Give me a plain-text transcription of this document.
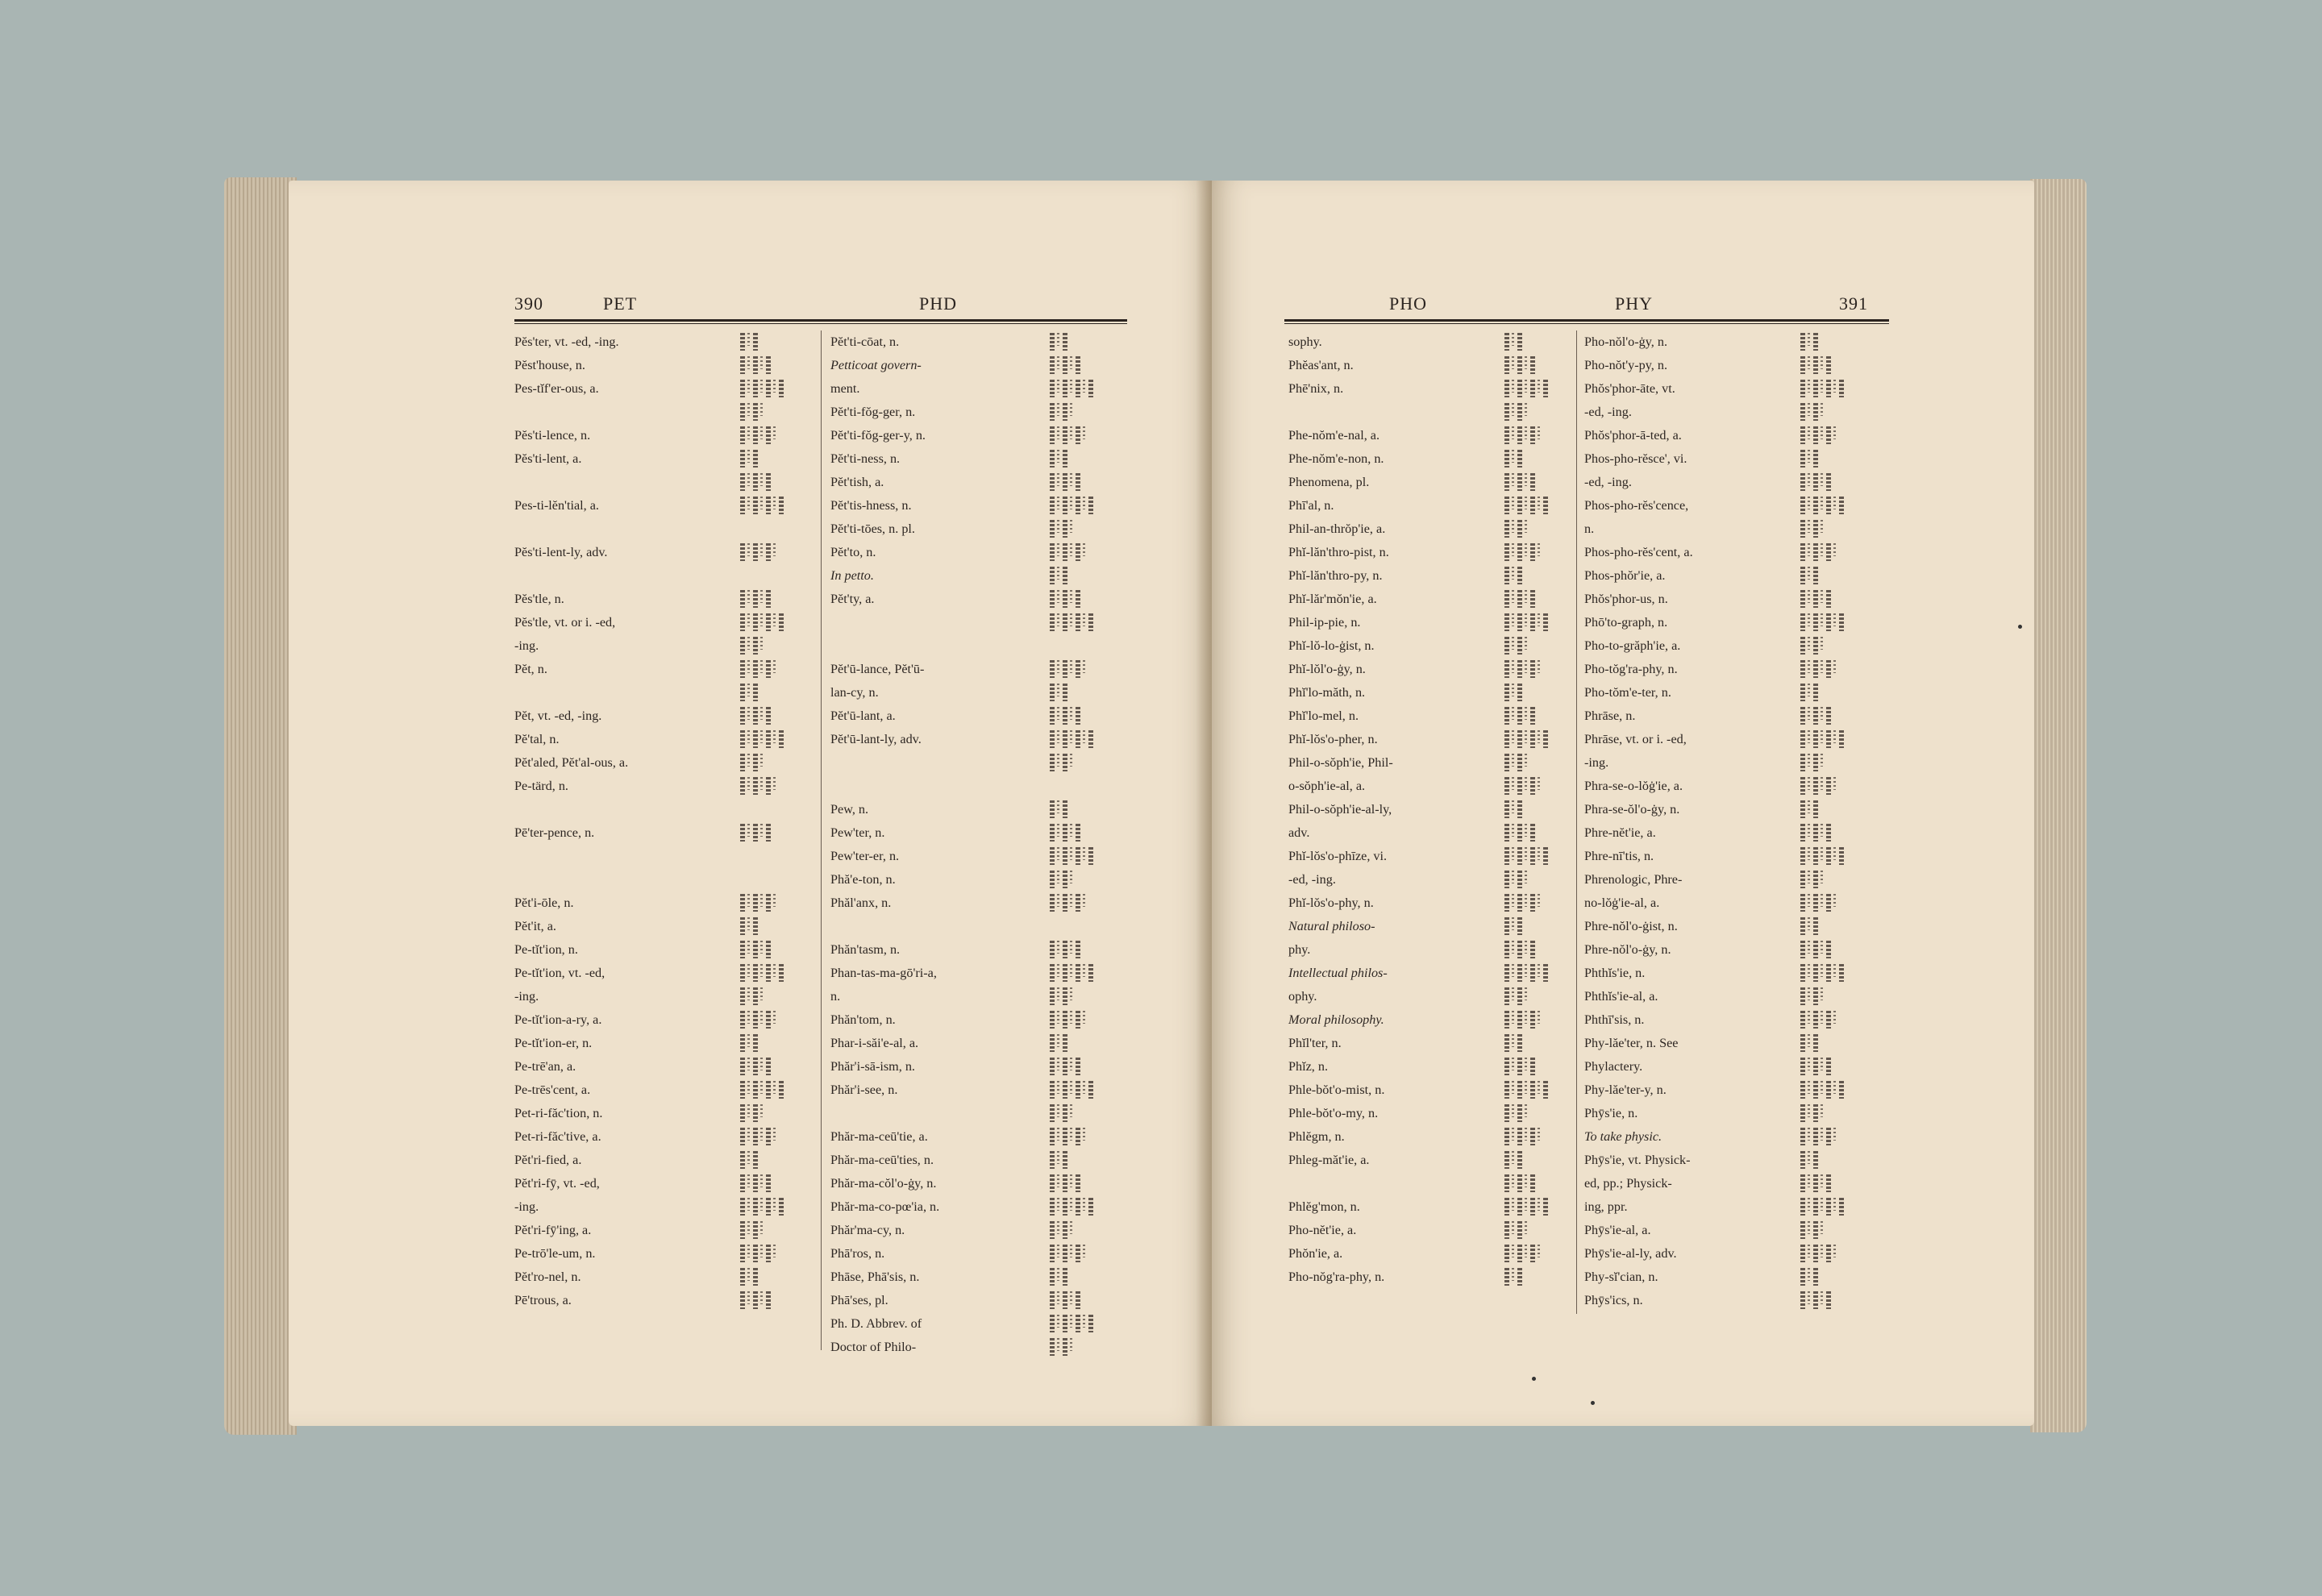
390	PET	PHD
Pĕs'ter, vt. -ed, -ing.
Pĕst'house, n.
Pes-tĭf'er-ous, a.
Pĕs'ti-lence, n.
Pĕs'ti-lent, a.
Pes-ti-lĕn'tial, a.
Pĕs'ti-lent-ly, adv.
Pĕs'tle, n.
Pĕs'tle, vt. or i. -ed,
-ing.
Pĕt, n.
Pĕt, vt. -ed, -ing.
Pĕ'tal, n.
Pĕt'aled, Pĕt'al-ous, a.
Pe-tärd, n.
Pē'ter-pence, n.
Pĕt'i-ōle, n.
Pĕt'it, a.
Pe-tĭt'ion, n.
Pe-tĭt'ion, vt. -ed,
-ing.
Pe-tĭt'ion-a-ry, a.
Pe-tĭt'ion-er, n.
Pe-trē'an, a.
Pe-trēs'cent, a.
Pet-ri-făc'tion, n.
Pet-ri-făc'tive, a.
Pĕt'ri-fied, a.
Pĕt'ri-fȳ, vt. -ed,
-ing.
Pĕt'ri-fȳ'ing, a.
Pe-trō'le-um, n.
Pĕt'ro-nel, n.
Pē'trous, a.
Pĕt'ti-cōat, n.
Petticoat govern-
ment.
Pĕt'ti-fŏg-ger, n.
Pĕt'ti-fŏg-ger-y, n.
Pĕt'ti-ness, n.
Pĕt'tish, a.
Pĕt'tis-hness, n.
Pĕt'ti-tōes, n. pl.
Pĕt'to, n.
In petto.
Pĕt'ty, a.
Pĕt'ū-lance, Pĕt'ū-
lan-cy, n.
Pĕt'ū-lant, a.
Pĕt'ū-lant-ly, adv.
Pew, n.
Pew'ter, n.
Pew'ter-er, n.
Phă'e-ton, n.
Phăl'anx, n.
Phăn'tasm, n.
Phan-tas-ma-gō'ri-a,
n.
Phăn'tom, n.
Phar-i-săi'e-al, a.
Phăr'i-sā-ism, n.
Phăr'i-see, n.
Phăr-ma-ceū'tie, a.
Phăr-ma-ceū'ties, n.
Phăr-ma-cŏl'o-ġy, n.
Phăr-ma-co-pœ'ia, n.
Phăr'ma-cy, n.
Phā'ros, n.
Phāse, Phā'sis, n.
Phā'ses, pl.
Ph. D. Abbrev. of
Doctor of Philo-
PHO	PHY	391
sophy.
Phĕas'ant, n.
Phē'nix, n.
Phe-nŏm'e-nal, a.
Phe-nŏm'e-non, n.
Phenomena, pl.
Phī'al, n.
Phil-an-thrŏp'ie, a.
Phĭ-lăn'thro-pist, n.
Phĭ-lăn'thro-py, n.
Phĭ-lăr'mŏn'ie, a.
Phil-ip-pie, n.
Phĭ-lŏ-lo-ġist, n.
Phĭ-lŏl'o-ġy, n.
Phĭ'lo-măth, n.
Phĭ'lo-mel, n.
Phĭ-lŏs'o-pher, n.
Phil-o-sŏph'ie, Phil-
o-sŏph'ie-al, a.
Phil-o-sŏph'ie-al-ly,
adv.
Phĭ-lŏs'o-phīze, vi.
-ed, -ing.
Phĭ-lŏs'o-phy, n.
Natural philoso-
phy.
Intellectual philos-
ophy.
Moral philosophy.
Phĭl'ter, n.
Phĭz, n.
Phle-bŏt'o-mist, n.
Phle-bŏt'o-my, n.
Phlĕgm, n.
Phleg-măt'ie, a.
Phlĕg'mon, n.
Pho-nĕt'ie, a.
Phŏn'ie, a.
Pho-nŏg'ra-phy, n.
Pho-nŏl'o-ġy, n.
Pho-nŏt'y-py, n.
Phŏs'phor-āte, vt.
-ed, -ing.
Phŏs'phor-ā-ted, a.
Phos-pho-rĕsce', vi.
-ed, -ing.
Phos-pho-rĕs'cence,
n.
Phos-pho-rĕs'cent, a.
Phos-phŏr'ie, a.
Phŏs'phor-us, n.
Phō'to-graph, n.
Pho-to-grăph'ie, a.
Pho-tŏg'ra-phy, n.
Pho-tŏm'e-ter, n.
Phrāse, n.
Phrāse, vt. or i. -ed,
-ing.
Phra-se-o-lŏġ'ie, a.
Phra-se-ŏl'o-ġy, n.
Phre-nĕt'ie, a.
Phre-nī'tis, n.
Phrenologic, Phre-
no-lŏġ'ie-al, a.
Phre-nŏl'o-ġist, n.
Phre-nŏl'o-ġy, n.
Phthĭs'ie, n.
Phthĭs'ie-al, a.
Phthī'sis, n.
Phy-lăe'ter, n. See
Phylactery.
Phy-lăe'ter-y, n.
Phȳs'ie, n.
To take physic.
Phȳs'ie, vt. Physick-
ed, pp.; Physick-
ing, ppr.
Phȳs'ie-al, a.
Phȳs'ie-al-ly, adv.
Phy-sĭ'cian, n.
Phȳs'ics, n.
